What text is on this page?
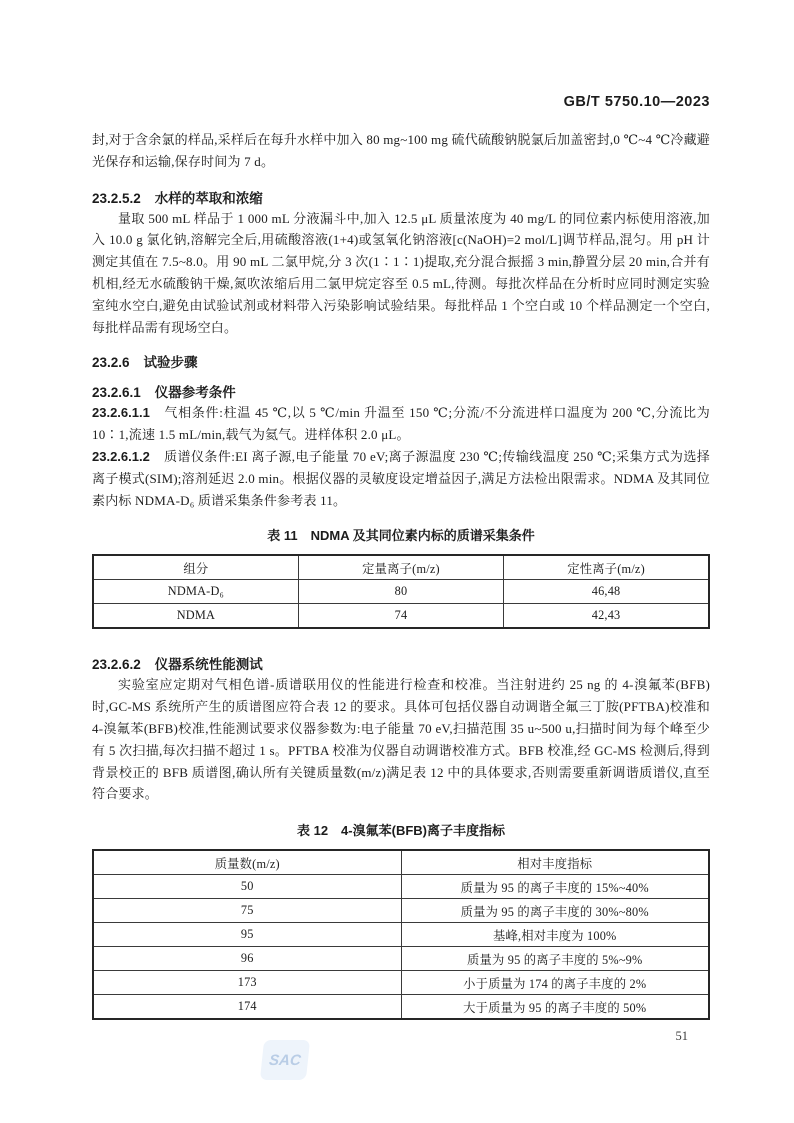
GB/T 5750.10—2023

封,对于含余氯的样品,采样后在每升水样中加入 80 mg~100 mg 硫代硫酸钠脱氯后加盖密封,0 ℃~4 ℃冷藏避光保存和运输,保存时间为 7 d。

23.2.5.2 水样的萃取和浓缩

量取 500 mL 样品于 1 000 mL 分液漏斗中,加入 12.5 μL 质量浓度为 40 mg/L 的同位素内标使用溶液,加入 10.0 g 氯化钠,溶解完全后,用硫酸溶液(1+4)或氢氧化钠溶液[c(NaOH)=2 mol/L]调节样品,混匀。用 pH 计测定其值在 7.5~8.0。用 90 mL 二氯甲烷,分 3 次(1∶1∶1)提取,充分混合振摇 3 min,静置分层 20 min,合并有机相,经无水硫酸钠干燥,氮吹浓缩后用二氯甲烷定容至 0.5 mL,待测。每批次样品在分析时应同时测定实验室纯水空白,避免由试验试剂或材料带入污染影响试验结果。每批样品 1 个空白或 10 个样品测定一个空白,每批样品需有现场空白。

23.2.6 试验步骤

23.2.6.1 仪器参考条件

23.2.6.1.1 气相条件:柱温 45 ℃,以 5 ℃/min 升温至 150 ℃;分流/不分流进样口温度为 200 ℃,分流比为 10∶1,流速 1.5 mL/min,载气为氦气。进样体积 2.0 μL。

23.2.6.1.2 质谱仪条件:EI 离子源,电子能量 70 eV;离子源温度 230 ℃;传输线温度 250 ℃;采集方式为选择离子模式(SIM);溶剂延迟 2.0 min。根据仪器的灵敏度设定增益因子,满足方法检出限需求。NDMA 及其同位素内标 NDMA-D₆ 质谱采集条件参考表 11。

表 11　NDMA 及其同位素内标的质谱采集条件

组分	定量离子(m/z)	定性离子(m/z)
NDMA-D₆	80	46,48
NDMA	74	42,43

23.2.6.2 仪器系统性能测试

实验室应定期对气相色谱-质谱联用仪的性能进行检查和校准。当注射进约 25 ng 的 4-溴氟苯(BFB)时,GC-MS 系统所产生的质谱图应符合表 12 的要求。具体可包括仪器自动调谐全氟三丁胺(PFTBA)校准和 4-溴氟苯(BFB)校准,性能测试要求仪器参数为:电子能量 70 eV,扫描范围 35 u~500 u,扫描时间为每个峰至少有 5 次扫描,每次扫描不超过 1 s。PFTBA 校准为仪器自动调谐校准方式。BFB 校准,经 GC-MS 检测后,得到背景校正的 BFB 质谱图,确认所有关键质量数(m/z)满足表 12 中的具体要求,否则需要重新调谐质谱仪,直至符合要求。

表 12　4-溴氟苯(BFB)离子丰度指标

质量数(m/z)	相对丰度指标
50	质量为 95 的离子丰度的 15%~40%
75	质量为 95 的离子丰度的 30%~80%
95	基峰,相对丰度为 100%
96	质量为 95 的离子丰度的 5%~9%
173	小于质量为 174 的离子丰度的 2%
174	大于质量为 95 的离子丰度的 50%
51
SAC
